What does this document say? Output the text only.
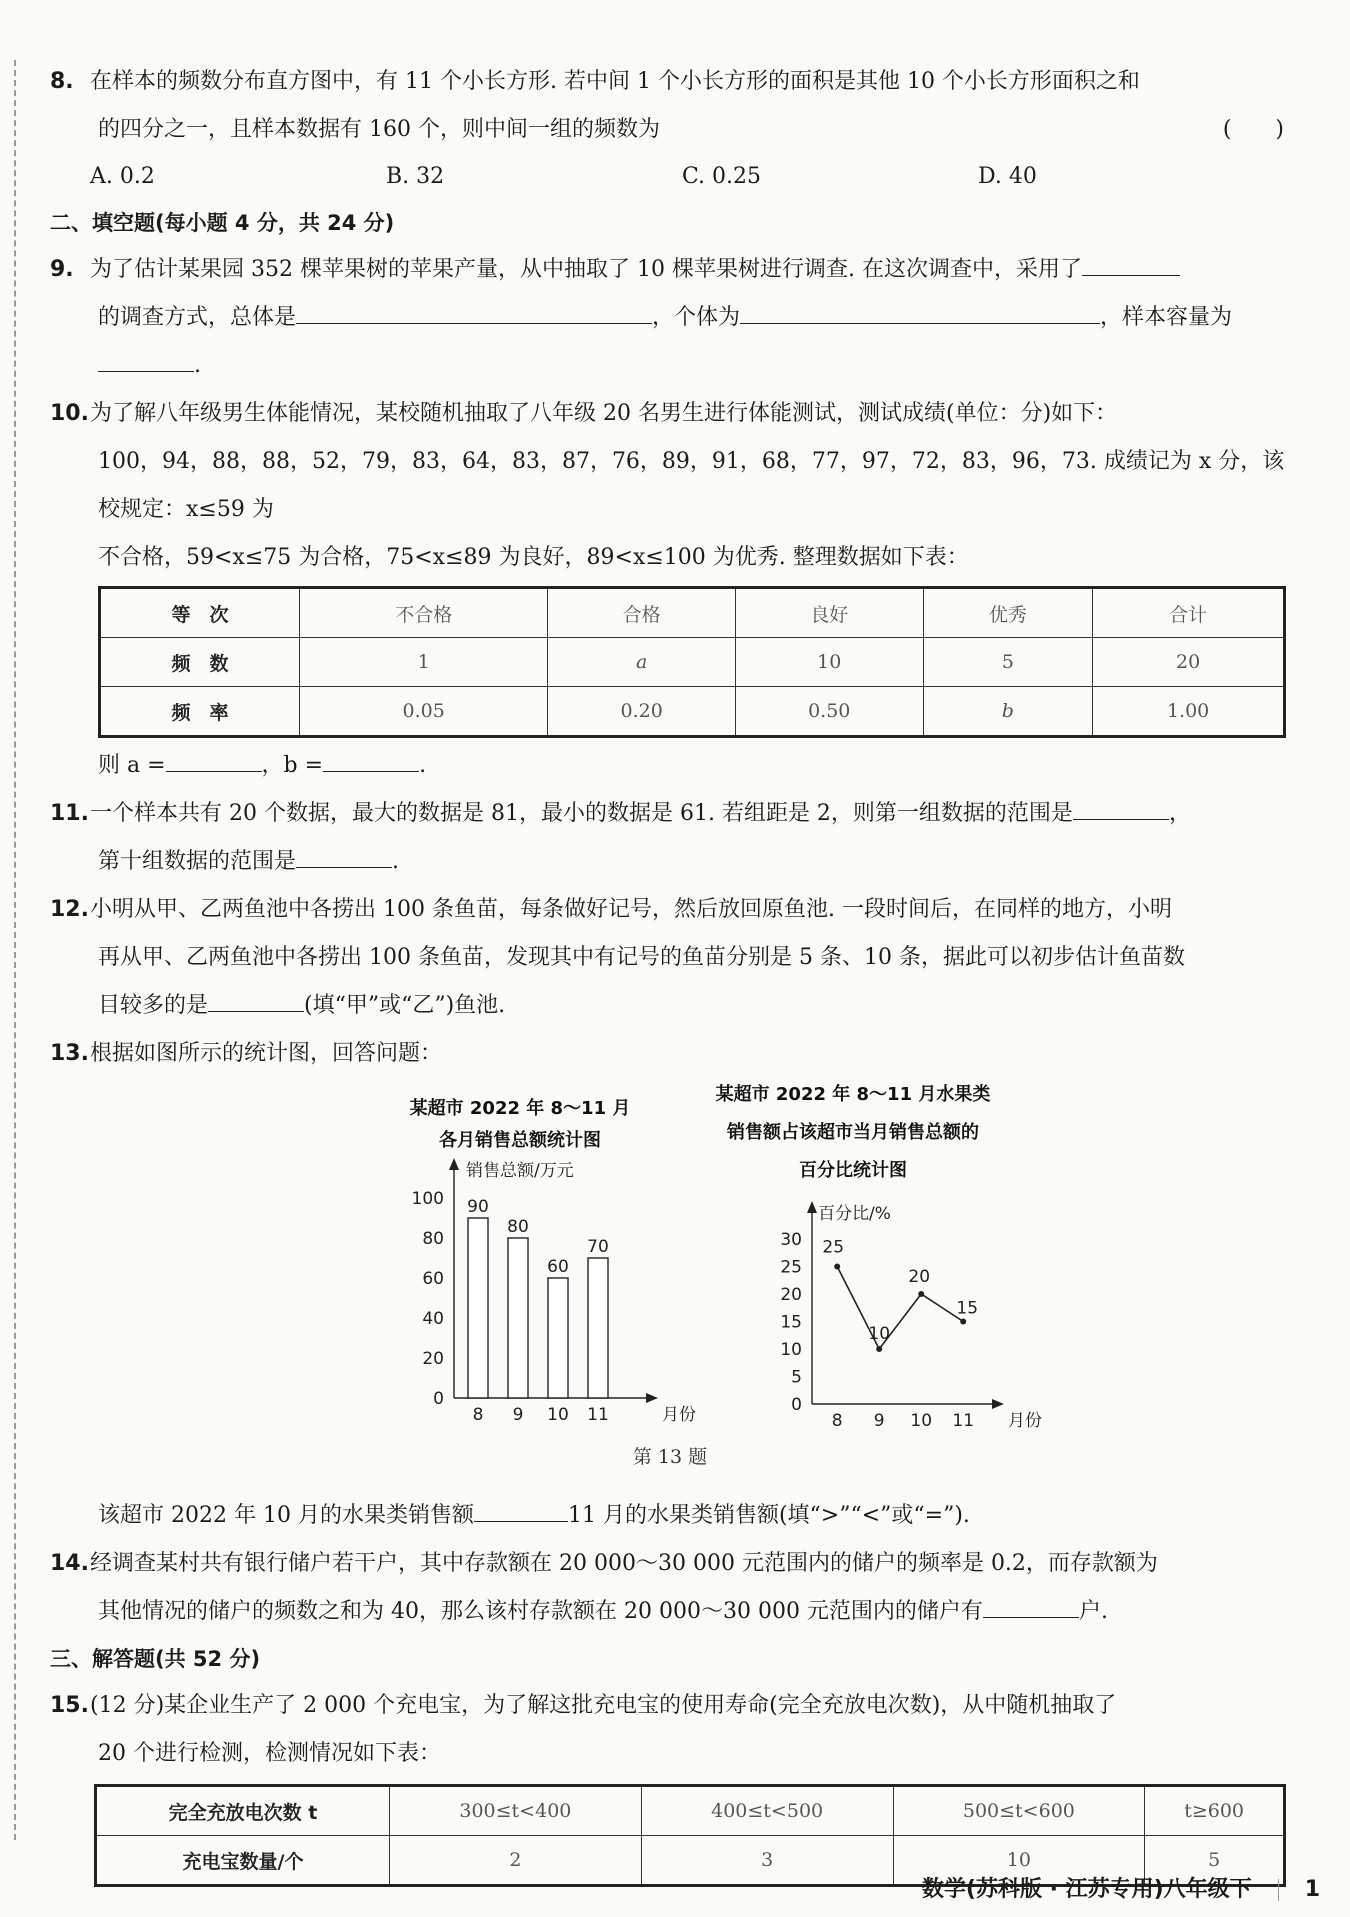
8. 在样本的频数分布直方图中，有 11 个小长方形. 若中间 1 个小长方形的面积是其他 10 个小长方形面积之和
的四分之一，且样本数据有 160 个，则中间一组的频数为	(　　)
A. 0.2	B. 32	C. 0.25	D. 40
二、填空题(每小题 4 分，共 24 分)
9. 为了估计某果园 352 棵苹果树的苹果产量，从中抽取了 10 棵苹果树进行调查. 在这次调查中，采用了
的调查方式，总体是	，个体为	，样本容量为
.
10.为了解八年级男生体能情况，某校随机抽取了八年级 20 名男生进行体能测试，测试成绩(单位：分)如下：
100，94，88，88，52，79，83，64，83，87，76，89，91，68，77，97，72，83，96，73. 成绩记为 x 分，该校规定：x≤59 为
不合格，59<x≤75 为合格，75<x≤89 为良好，89<x≤100 为优秀. 整理数据如下表：
等　次	不合格	合格	良好	优秀	合计
频　数	1	a	10	5	20
频　率	0.05	0.20	0.50	b	1.00
则 a =	，b =	.
11.一个样本共有 20 个数据，最大的数据是 81，最小的数据是 61. 若组距是 2，则第一组数据的范围是	，
第十组数据的范围是	.
12.小明从甲、乙两鱼池中各捞出 100 条鱼苗，每条做好记号，然后放回原鱼池. 一段时间后，在同样的地方，小明
再从甲、乙两鱼池中各捞出 100 条鱼苗，发现其中有记号的鱼苗分别是 5 条、10 条，据此可以初步估计鱼苗数
目较多的是	(填“甲”或“乙”)鱼池.
13.根据如图所示的统计图，回答问题：
某超市 2022 年 8～11 月
各月销售总额统计图
销售总额/万元
月份
0
20
40
60
80
100 90
8
80
9
60
10
70
11
某超市 2022 年 8～11 月水果类
销售额占该超市当月销售总额的
百分比统计图
百分比/%
月份
0
5
10
15
20
25
30 25
8
10
9
20
10
15
11
第 13 题
该超市 2022 年 10 月的水果类销售额	11 月的水果类销售额(填“>”“<”或“=”).
14.经调查某村共有银行储户若干户，其中存款额在 20 000～30 000 元范围内的储户的频率是 0.2，而存款额为
其他情况的储户的频数之和为 40，那么该村存款额在 20 000～30 000 元范围内的储户有	户.
三、解答题(共 52 分)
15.(12 分)某企业生产了 2 000 个充电宝，为了解这批充电宝的使用寿命(完全充放电次数)，从中随机抽取了
20 个进行检测，检测情况如下表：
完全充放电次数 t	300≤t<400	400≤t<500	500≤t<600	t≥600
充电宝数量/个	2	3	10	5
数学(苏科版 · 江苏专用)八年级下 1
